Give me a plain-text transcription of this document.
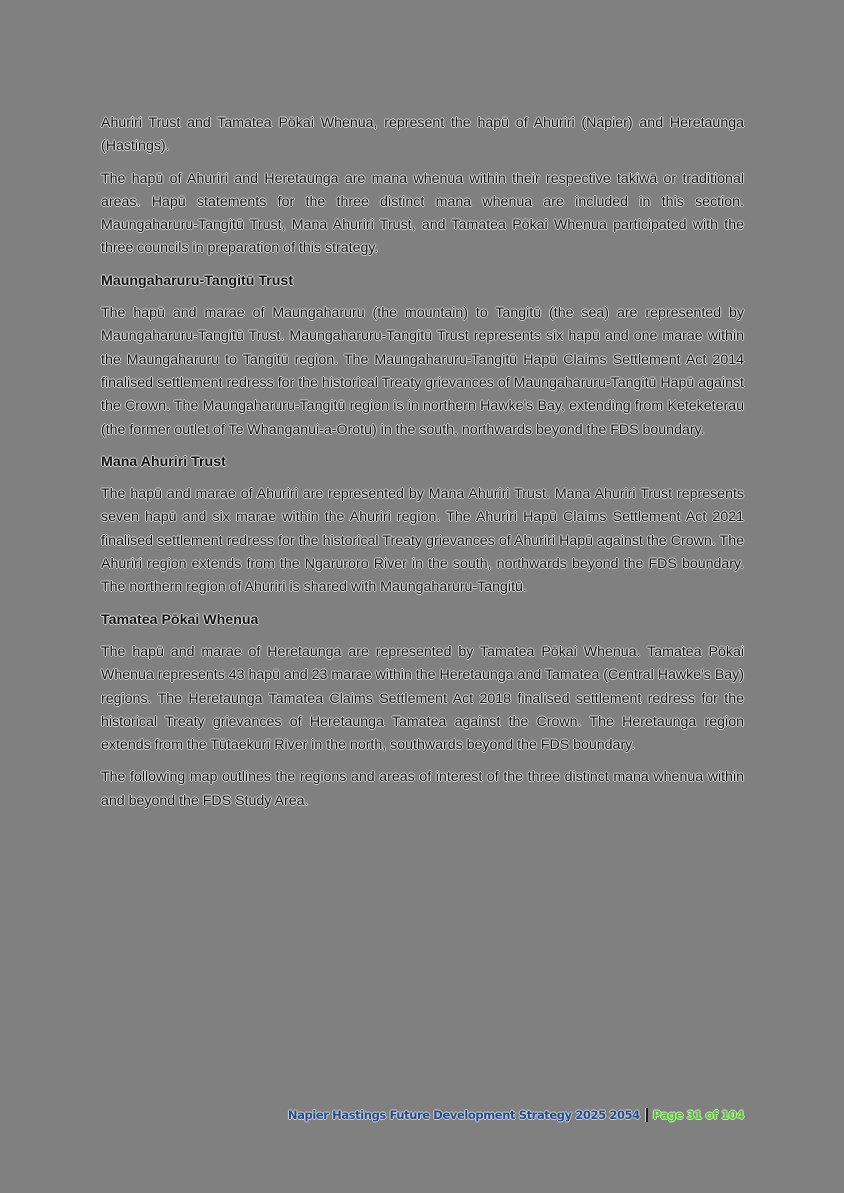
Ahuriri Trust and Tamatea Pōkai Whenua, represent the hapū of Ahuriri (Napier) and Heretaunga (Hastings).

The hapū of Ahuriri and Heretaunga are mana whenua within their respective takiwā or traditional areas. Hapū statements for the three distinct mana whenua are included in this section. Maungaharuru-Tangitū Trust, Mana Ahuriri Trust, and Tamatea Pōkai Whenua participated with the three councils in preparation of this strategy.

Maungaharuru-Tangitū Trust

The hapū and marae of Maungaharuru (the mountain) to Tangitū (the sea) are represented by Maungaharuru-Tangitū Trust. Maungaharuru-Tangitū Trust represents six hapū and one marae within the Maungaharuru to Tangitū region. The Maungaharuru-Tangitū Hapū Claims Settlement Act 2014 finalised settlement redress for the historical Treaty grievances of Maungaharuru-Tangitū Hapū against the Crown. The Maungaharuru-Tangitū region is in northern Hawke's Bay, extending from Keteketerau (the former outlet of Te Whanganui-a-Orotu) in the south, northwards beyond the FDS boundary.

Mana Ahuriri Trust

The hapū and marae of Ahuriri are represented by Mana Ahuriri Trust. Mana Ahuriri Trust represents seven hapū and six marae within the Ahuriri region. The Ahuriri Hapū Claims Settlement Act 2021 finalised settlement redress for the historical Treaty grievances of Ahuriri Hapū against the Crown. The Ahuriri region extends from the Ngaruroro River in the south, northwards beyond the FDS boundary. The northern region of Ahuriri is shared with Maungaharuru-Tangitū.

Tamatea Pōkai Whenua

The hapū and marae of Heretaunga are represented by Tamatea Pōkai Whenua. Tamatea Pōkai Whenua represents 43 hapū and 23 marae within the Heretaunga and Tamatea (Central Hawke's Bay) regions. The Heretaunga Tamatea Claims Settlement Act 2018 finalised settlement redress for the historical Treaty grievances of Heretaunga Tamatea against the Crown. The Heretaunga region extends from the Tūtaekurī River in the north, southwards beyond the FDS boundary.

The following map outlines the regions and areas of interest of the three distinct mana whenua within and beyond the FDS Study Area.

Napier Hastings Future Development Strategy 2025 2054 Page 31 of 104
